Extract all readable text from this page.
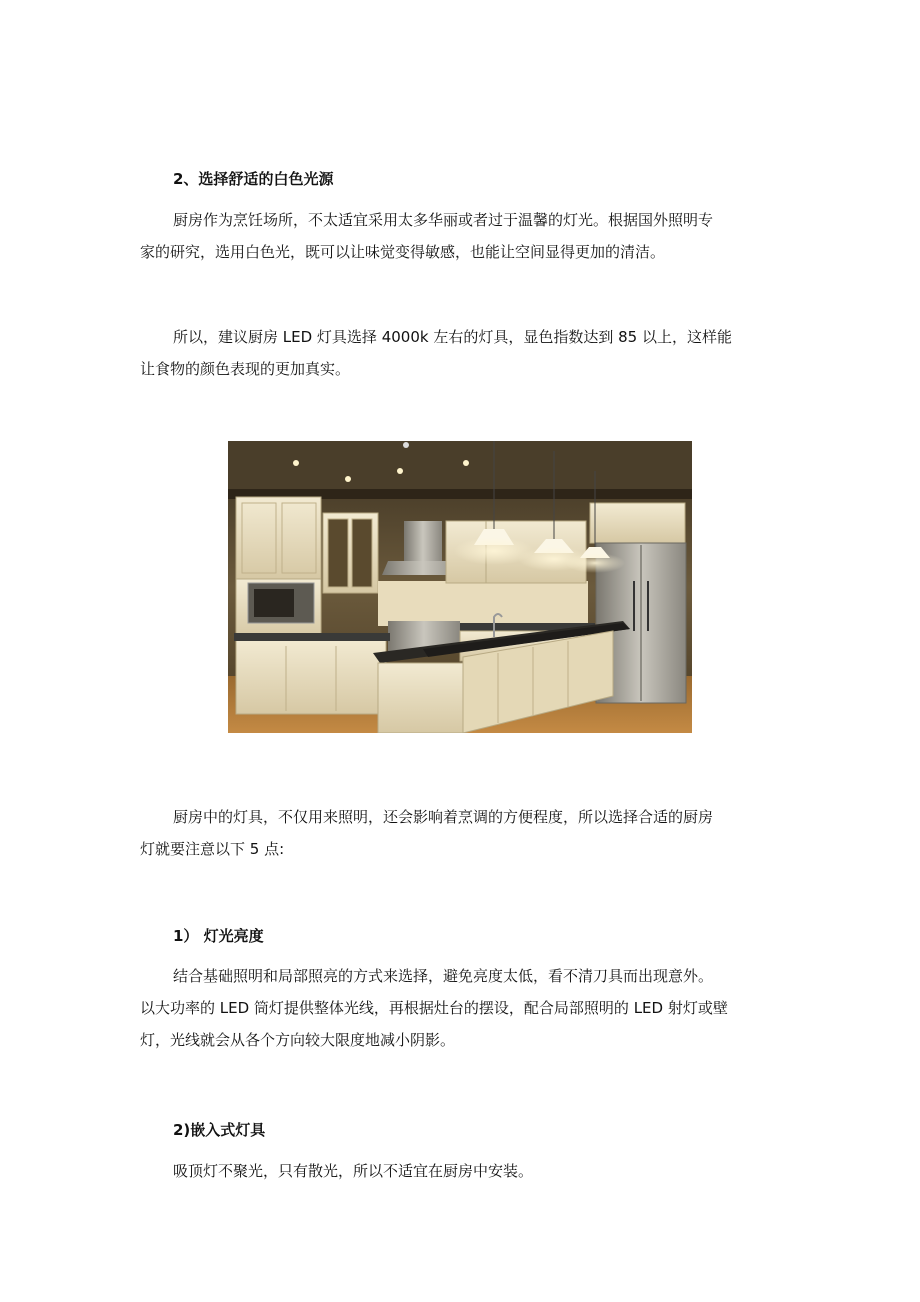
2、选择舒适的白色光源
厨房作为烹饪场所，不太适宜采用太多华丽或者过于温馨的灯光。根据国外照明专
家的研究，选用白色光，既可以让味觉变得敏感，也能让空间显得更加的清洁。
所以，建议厨房 LED 灯具选择 4000k 左右的灯具，显色指数达到 85 以上，这样能
让食物的颜色表现的更加真实。
厨房中的灯具，不仅用来照明，还会影响着烹调的方便程度，所以选择合适的厨房
灯就要注意以下 5 点:
1） 灯光亮度
结合基础照明和局部照亮的方式来选择，避免亮度太低，看不清刀具而出现意外。
以大功率的 LED 筒灯提供整体光线，再根据灶台的摆设，配合局部照明的 LED 射灯或壁
灯，光线就会从各个方向较大限度地减小阴影。
2)嵌入式灯具
吸顶灯不聚光，只有散光，所以不适宜在厨房中安装。
